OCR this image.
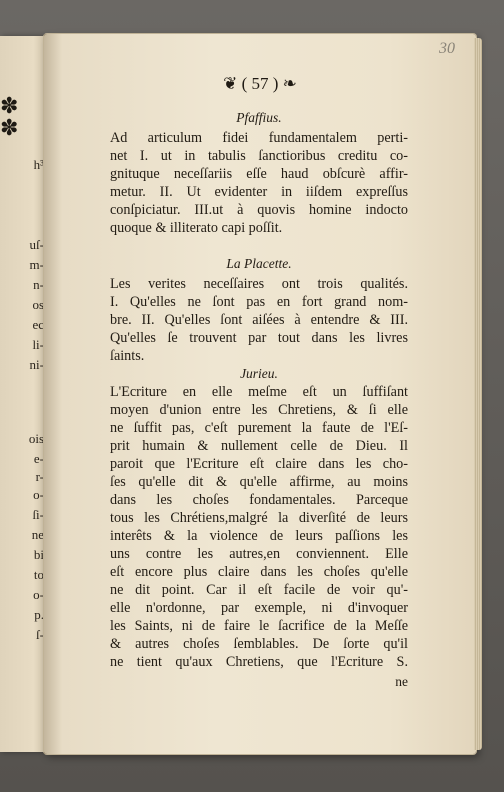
✽
✽
h³
uſ-
m-
n-
os
ec
li-
ni-
ois
e-
r-
o-
ſi-
ne
bi
to
o-
p.
ſ-
30
❦ ( 57 ) ❧
Pfaffius.
Ad articulum fidei fundamentalem perti-
net I. ut in tabulis ſanctioribus creditu co-
gnituque neceſſariis eſſe haud obſcurè affir-
metur. II. Ut evidenter in iiſdem expreſſus
conſpiciatur. III.ut à quovis homine indocto
quoque & illiterato capi poſſit.
La Placette.
Les verites neceſſaires ont trois qualités.
I. Qu'elles ne ſont pas en fort grand nom-
bre. II. Qu'elles ſont aiſées à entendre & III.
Qu'elles ſe trouvent par tout dans les livres
ſaints.
Jurieu.
L'Ecriture en elle meſme eſt un ſuffiſant
moyen d'union entre les Chretiens, & ſi elle
ne ſuffit pas, c'eſt purement la faute de l'Eſ-
prit humain & nullement celle de Dieu. Il
paroit que l'Ecriture eſt claire dans les cho-
ſes qu'elle dit & qu'elle affirme, au moins
dans les choſes fondamentales. Parceque
tous les Chrétiens,malgré la diverſité de leurs
interêts & la violence de leurs paſſions les
uns contre les autres,en conviennent. Elle
eſt encore plus claire dans les choſes qu'elle
ne dit point. Car il eſt facile de voir qu'-
elle n'ordonne, par exemple, ni d'invoquer
les Saints, ni de faire le ſacrifice de la Meſſe
& autres choſes ſemblables. De ſorte qu'il
ne tient qu'aux Chretiens, que l'Ecriture S.
ne
